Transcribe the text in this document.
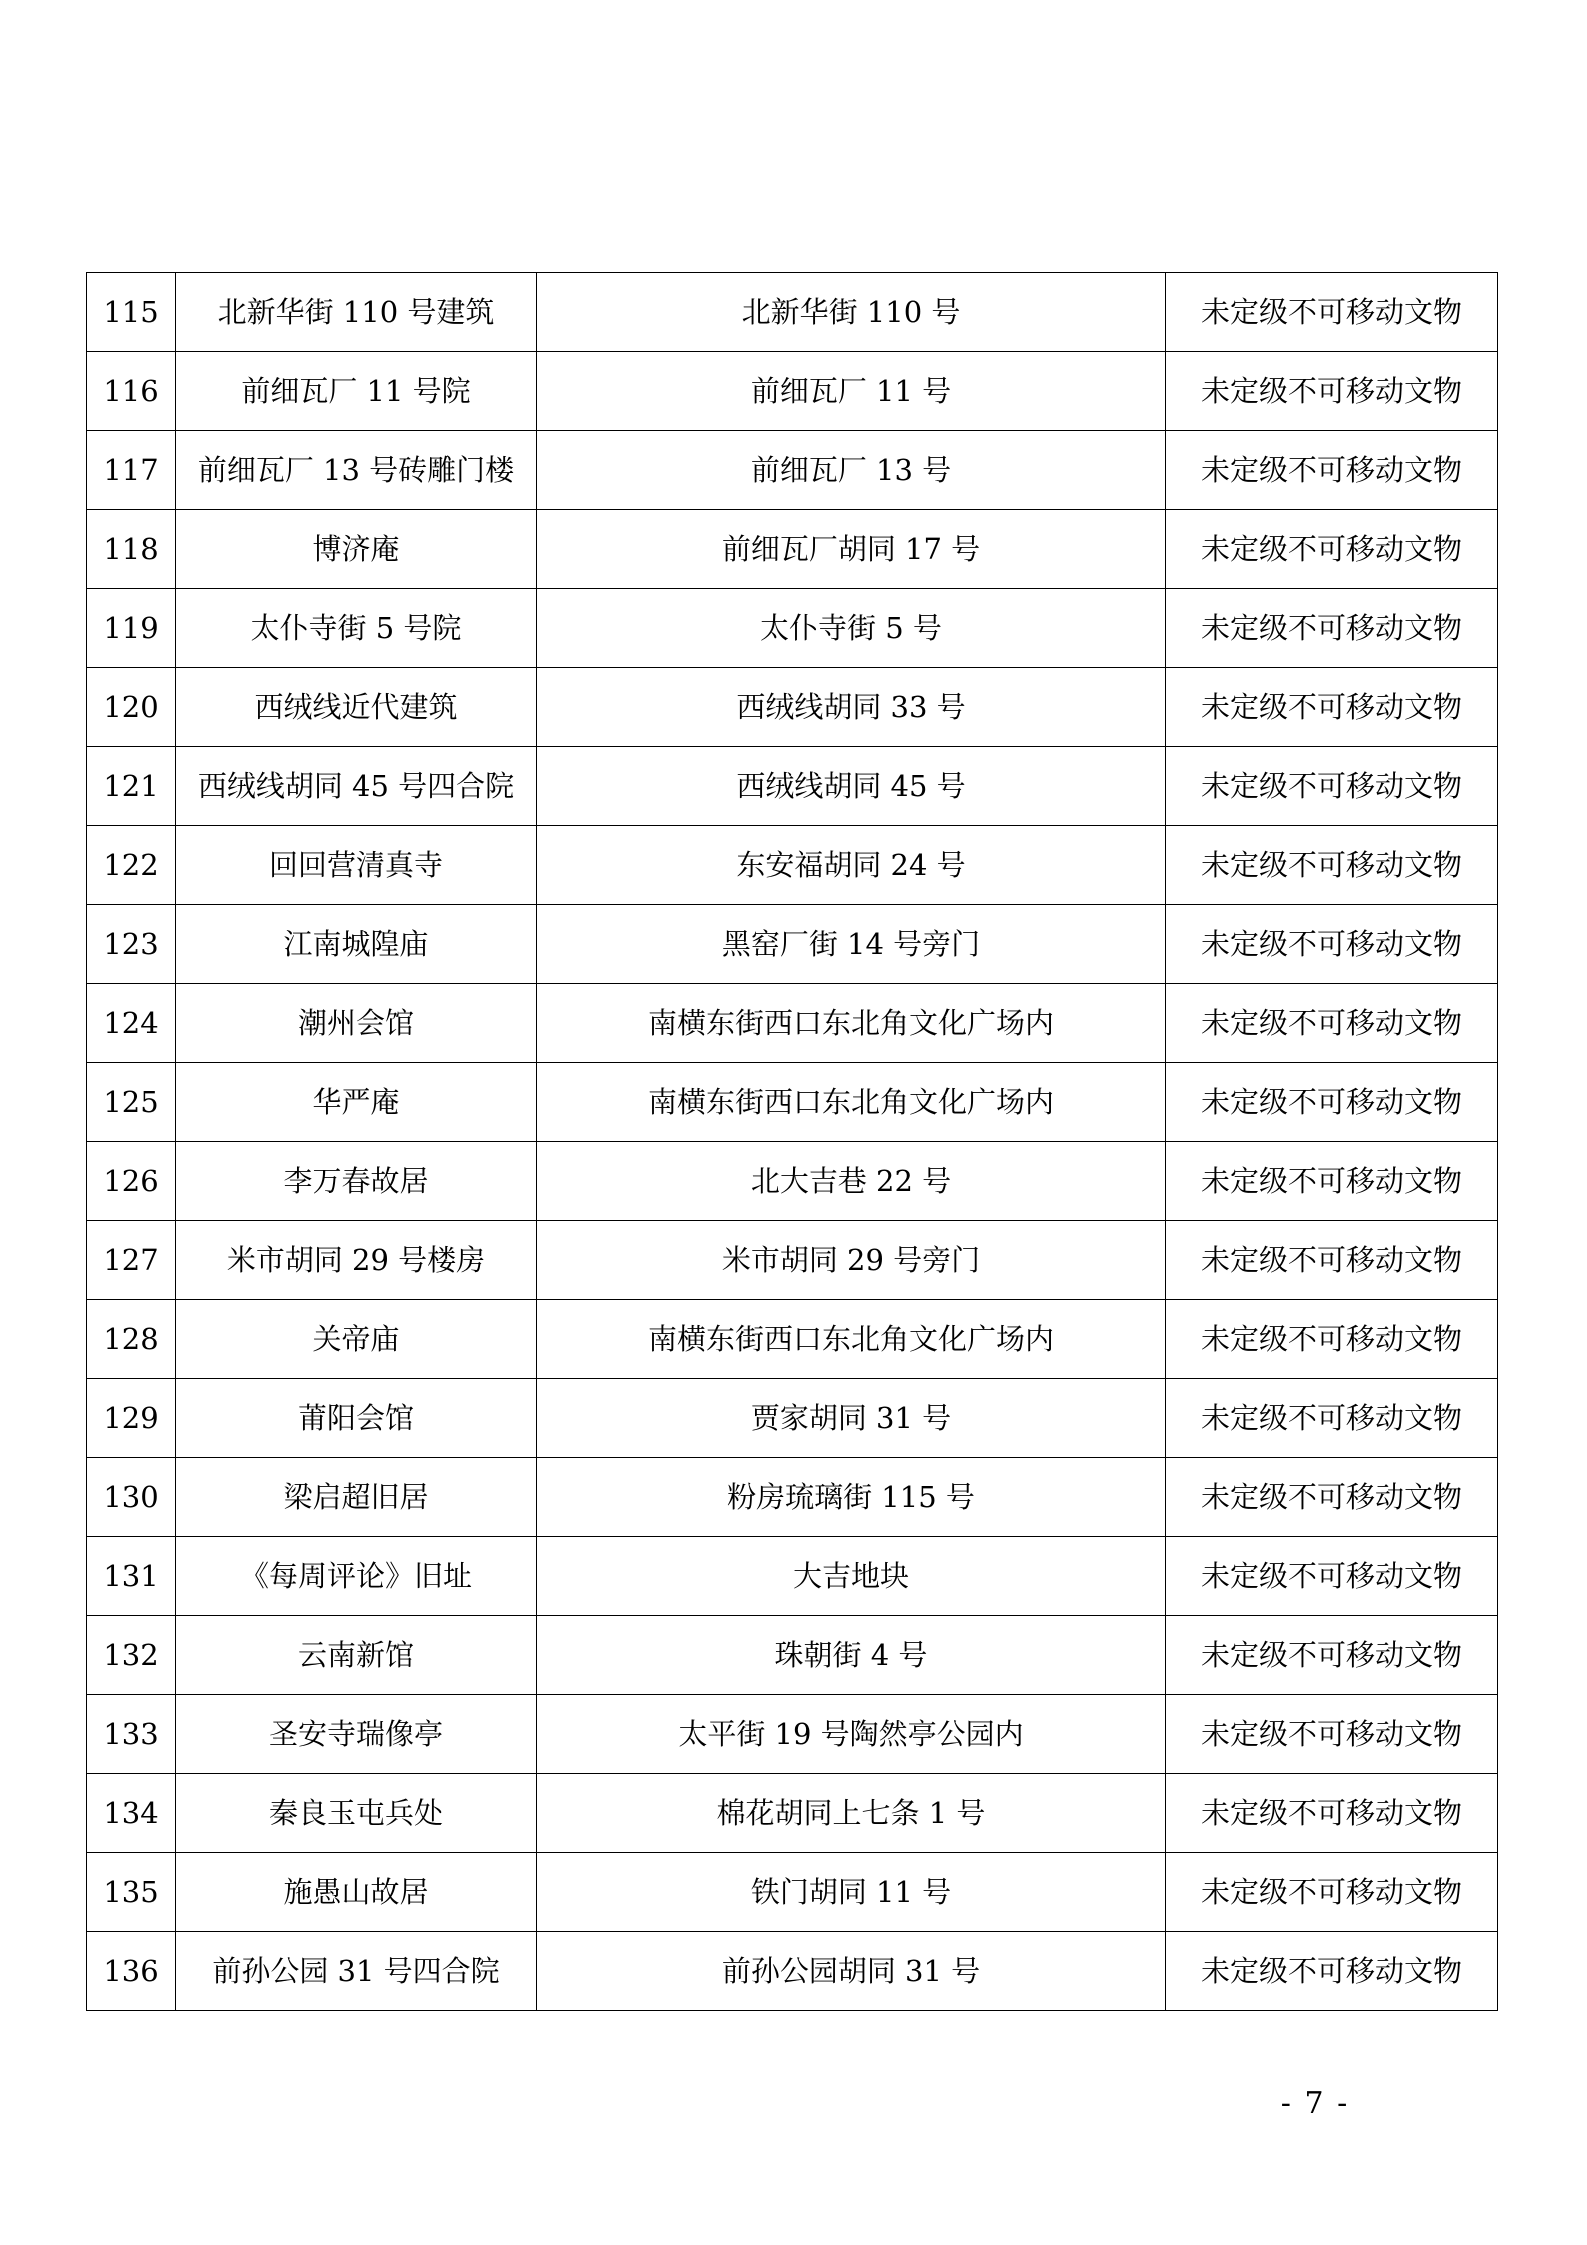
115	北新华街 110 号建筑	北新华街 110 号	未定级不可移动文物
116	前细瓦厂 11 号院	前细瓦厂 11 号	未定级不可移动文物
117	前细瓦厂 13 号砖雕门楼	前细瓦厂 13 号	未定级不可移动文物
118	博济庵	前细瓦厂胡同 17 号	未定级不可移动文物
119	太仆寺街 5 号院	太仆寺街 5 号	未定级不可移动文物
120	西绒线近代建筑	西绒线胡同 33 号	未定级不可移动文物
121	西绒线胡同 45 号四合院	西绒线胡同 45 号	未定级不可移动文物
122	回回营清真寺	东安福胡同 24 号	未定级不可移动文物
123	江南城隍庙	黑窑厂街 14 号旁门	未定级不可移动文物
124	潮州会馆	南横东街西口东北角文化广场内	未定级不可移动文物
125	华严庵	南横东街西口东北角文化广场内	未定级不可移动文物
126	李万春故居	北大吉巷 22 号	未定级不可移动文物
127	米市胡同 29 号楼房	米市胡同 29 号旁门	未定级不可移动文物
128	关帝庙	南横东街西口东北角文化广场内	未定级不可移动文物
129	莆阳会馆	贾家胡同 31 号	未定级不可移动文物
130	梁启超旧居	粉房琉璃街 115 号	未定级不可移动文物
131	《每周评论》旧址	大吉地块	未定级不可移动文物
132	云南新馆	珠朝街 4 号	未定级不可移动文物
133	圣安寺瑞像亭	太平街 19 号陶然亭公园内	未定级不可移动文物
134	秦良玉屯兵处	棉花胡同上七条 1 号	未定级不可移动文物
135	施愚山故居	铁门胡同 11 号	未定级不可移动文物
136	前孙公园 31 号四合院	前孙公园胡同 31 号	未定级不可移动文物
- 7 -
